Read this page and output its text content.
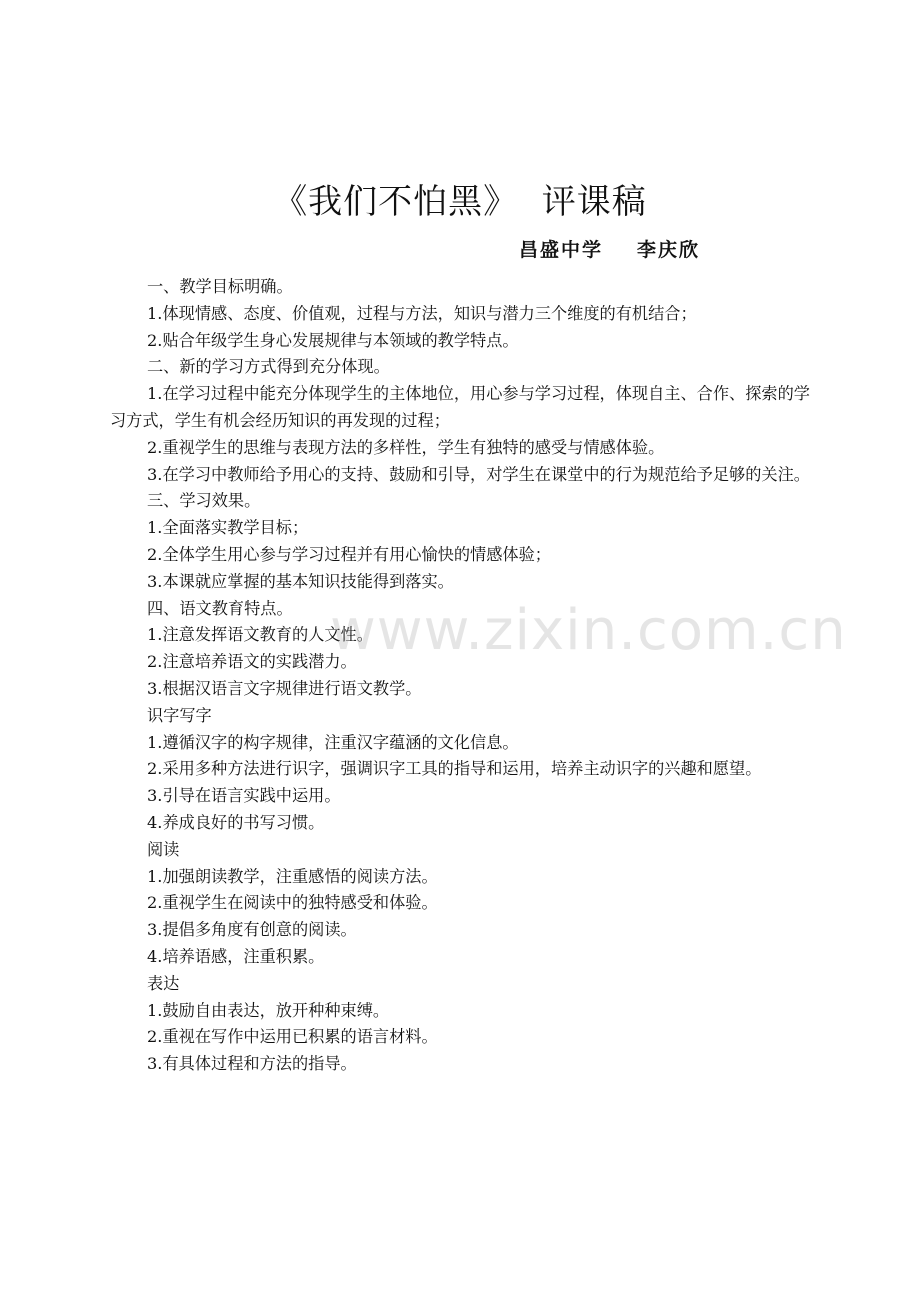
《我们不怕黑》  评课稿
昌盛中学 李庆欣

一、教学目标明确。

1.体现情感、态度、价值观，过程与方法，知识与潜力三个维度的有机结合；

2.贴合年级学生身心发展规律与本领域的教学特点。

二、新的学习方式得到充分体现。

1.在学习过程中能充分体现学生的主体地位，用心参与学习过程，体现自主、合作、探索的学习方式，学生有机会经历知识的再发现的过程；

2.重视学生的思维与表现方法的多样性，学生有独特的感受与情感体验。

3.在学习中教师给予用心的支持、鼓励和引导，对学生在课堂中的行为规范给予足够的关注。

三、学习效果。

1.全面落实教学目标；

2.全体学生用心参与学习过程并有用心愉快的情感体验；

3.本课就应掌握的基本知识技能得到落实。

四、语文教育特点。

1.注意发挥语文教育的人文性。

2.注意培养语文的实践潜力。

3.根据汉语言文字规律进行语文教学。

识字写字

1.遵循汉字的构字规律，注重汉字蕴涵的文化信息。

2.采用多种方法进行识字，强调识字工具的指导和运用，培养主动识字的兴趣和愿望。

3.引导在语言实践中运用。

4.养成良好的书写习惯。

阅读

1.加强朗读教学，注重感悟的阅读方法。

2.重视学生在阅读中的独特感受和体验。

3.提倡多角度有创意的阅读。

4.培养语感，注重积累。

表达

1.鼓励自由表达，放开种种束缚。

2.重视在写作中运用已积累的语言材料。

3.有具体过程和方法的指导。

www.zixin.com.cn
